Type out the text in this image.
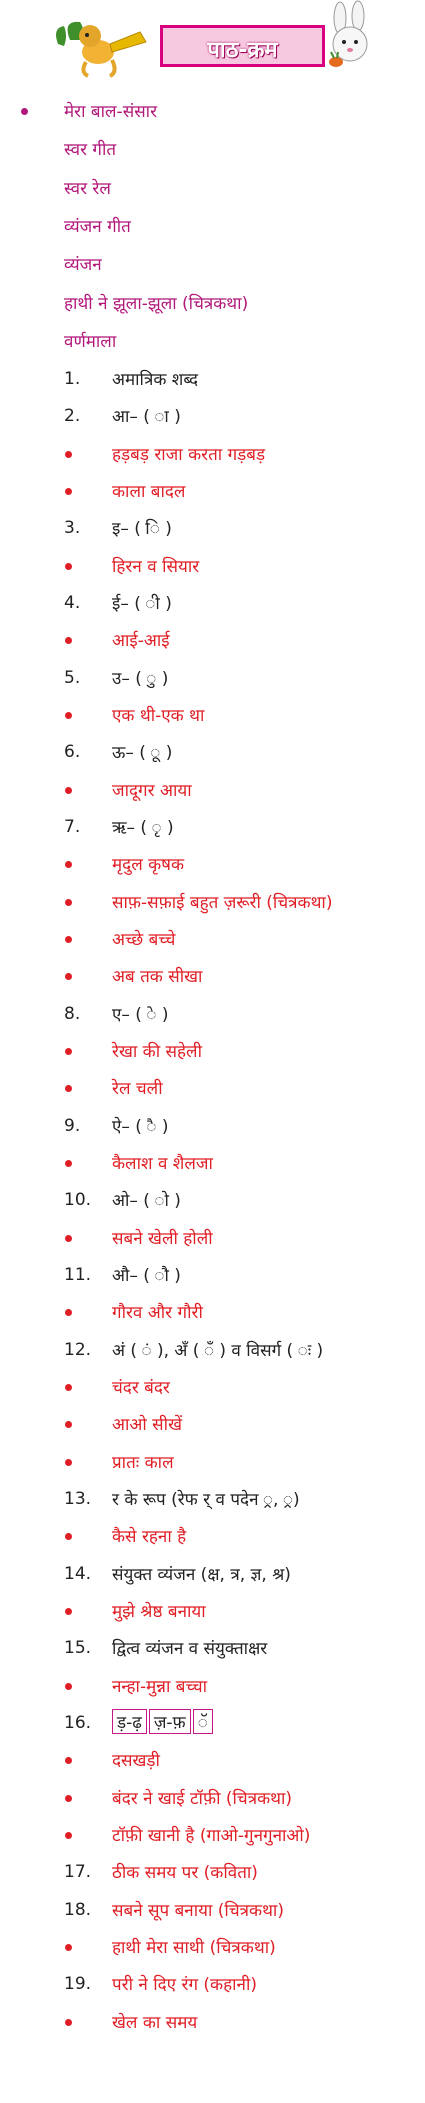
पाठ-क्रम
मेरा बाल-संसार
स्वर गीत
स्वर रेल
व्यंजन गीत
व्यंजन
हाथी ने झूला-झूला (चित्रकथा)
वर्णमाला
1. अमात्रिक शब्द
2. आ– ( ा )
हड़बड़ राजा करता गड़बड़
काला बादल
3. इ– ( ि )
हिरन व सियार
4. ई– ( ी )
आई-आई
5. उ– ( ु )
एक थी-एक था
6. ऊ– ( ू )
जादूगर आया
7. ऋ– ( ृ )
मृदुल कृषक
साफ़-सफ़ाई बहुत ज़रूरी (चित्रकथा)
अच्छे बच्चे
अब तक सीखा
8. ए– ( े )
रेखा की सहेली
रेल चली
9. ऐ– ( ै )
कैलाश व शैलजा
10. ओ– ( ो )
सबने खेली होली
11. औ– ( ौ )
गौरव और गौरी
12. अं ( ं ), अँ ( ँ ) व विसर्ग ( ः )
चंदर बंदर
आओ सीखें
प्रातः काल
13. र के रूप (रेफ र् व पदेन ्र, ्र)
कैसे रहना है
14. संयुक्त व्यंजन (क्ष, त्र, ज्ञ, श्र)
मुझे श्रेष्ठ बनाया
15. द्वित्व व्यंजन व संयुक्ताक्षर
नन्हा-मुन्ना बच्चा
16. ड़-ढ़ ज़-फ़ ॅ
दसखड़ी
बंदर ने खाई टॉफ़ी (चित्रकथा)
टॉफ़ी खानी है (गाओ-गुनगुनाओ)
17. ठीक समय पर (कविता)
18. सबने सूप बनाया (चित्रकथा)
हाथी मेरा साथी (चित्रकथा)
19. परी ने दिए रंग (कहानी)
खेल का समय
